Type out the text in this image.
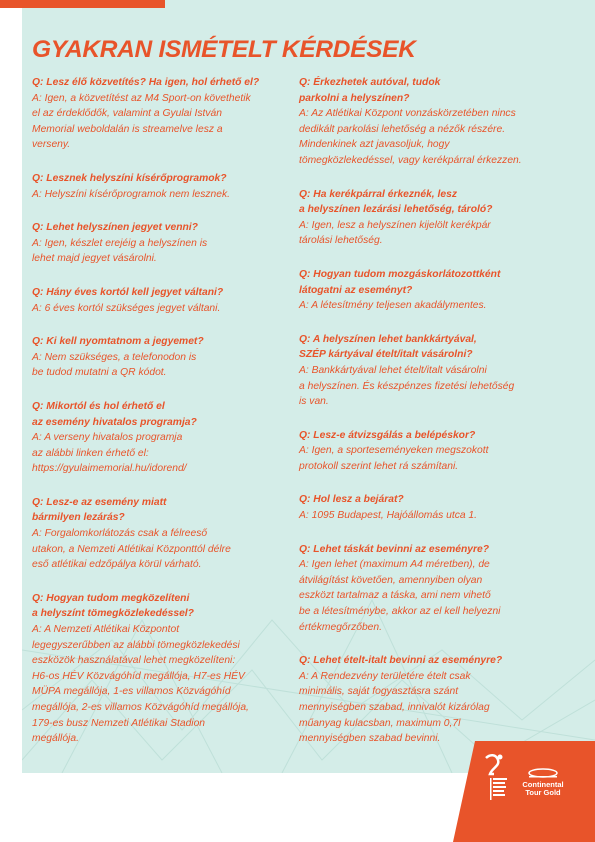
GYAKRAN ISMÉTELT KÉRDÉSEK
Q: Lesz élő közvetítés? Ha igen, hol érhető el?
A: Igen, a közvetítést az M4 Sport-on követhetik
el az érdeklődők, valamint a Gyulai István
Memorial weboldalán is streamelve lesz a
verseny.
Q: Lesznek helyszíni kísérőprogramok?
A: Helyszíni kísérőprogramok nem lesznek.
Q: Lehet helyszínen jegyet venni?
A: Igen, készlet erejéig a helyszínen is
lehet majd jegyet vásárolni.
Q: Hány éves kortól kell jegyet váltani?
A: 6 éves kortól szükséges jegyet váltani.
Q: Ki kell nyomtatnom a jegyemet?
A: Nem szükséges, a telefonodon is
be tudod mutatni a QR kódot.
Q: Mikortól és hol érhető el
az esemény hivatalos programja?
A: A verseny hivatalos programja
az alábbi linken érhető el:
https://gyulaimemorial.hu/idorend/
Q: Lesz-e az esemény miatt
bármilyen lezárás?
A: Forgalomkorlátozás csak a félreeső
utakon, a Nemzeti Atlétikai Központtól délre
eső atlétikai edzőpálya körül várható.
Q: Hogyan tudom megközelíteni
a helyszínt tömegközlekedéssel?
A: A Nemzeti Atlétikai Központot
legegyszerűbben az alábbi tömegközlekedési
eszközök használatával lehet megközelíteni:
H6-os HÉV Közvágóhíd megállója, H7-es HÉV
MÜPA megállója, 1-es villamos Közvágóhíd
megállója, 2-es villamos Közvágóhíd megállója,
179-es busz Nemzeti Atlétikai Stadion
megállója.
Q: Érkezhetek autóval, tudok
parkolni a helyszínen?
A: Az Atlétikai Központ vonzáskörzetében nincs
dedikált parkolási lehetőség a nézők részére.
Mindenkinek azt javasoljuk, hogy
tömegközlekedéssel, vagy kerékpárral érkezzen.
Q: Ha kerékpárral érkeznék, lesz
a helyszínen lezárási lehetőség, tároló?
A: Igen, lesz a helyszínen kijelölt kerékpár
tárolási lehetőség.
Q: Hogyan tudom mozgáskorlátozottként
látogatni az eseményt?
A: A létesítmény teljesen akadálymentes.
Q: A helyszínen lehet bankkártyával,
SZÉP kártyával ételt/italt vásárolni?
A: Bankkártyával lehet ételt/italt vásárolni
a helyszínen. És készpénzes fizetési lehetőség
is van.
Q: Lesz-e átvizsgálás a belépéskor?
A: Igen, a sporteseményeken megszokott
protokoll szerint lehet rá számítani.
Q: Hol lesz a bejárat?
A: 1095 Budapest, Hajóállomás utca 1.
Q: Lehet táskát bevinni az eseményre?
A: Igen lehet (maximum A4 méretben), de
átvilágítást követően, amennyiben olyan
eszközt tartalmaz a táska, ami nem vihető
be a létesítménybe, akkor az el kell helyezni
értékmegőrzőben.
Q: Lehet ételt-italt bevinni az eseményre?
A: A Rendezvény területére ételt csak
minimális, saját fogyasztásra szánt
mennyiségben szabad, innivalót kizárólag
műanyag kulacsban, maximum 0,7l
mennyiségben szabad bevinni.
Continental Tour Gold
